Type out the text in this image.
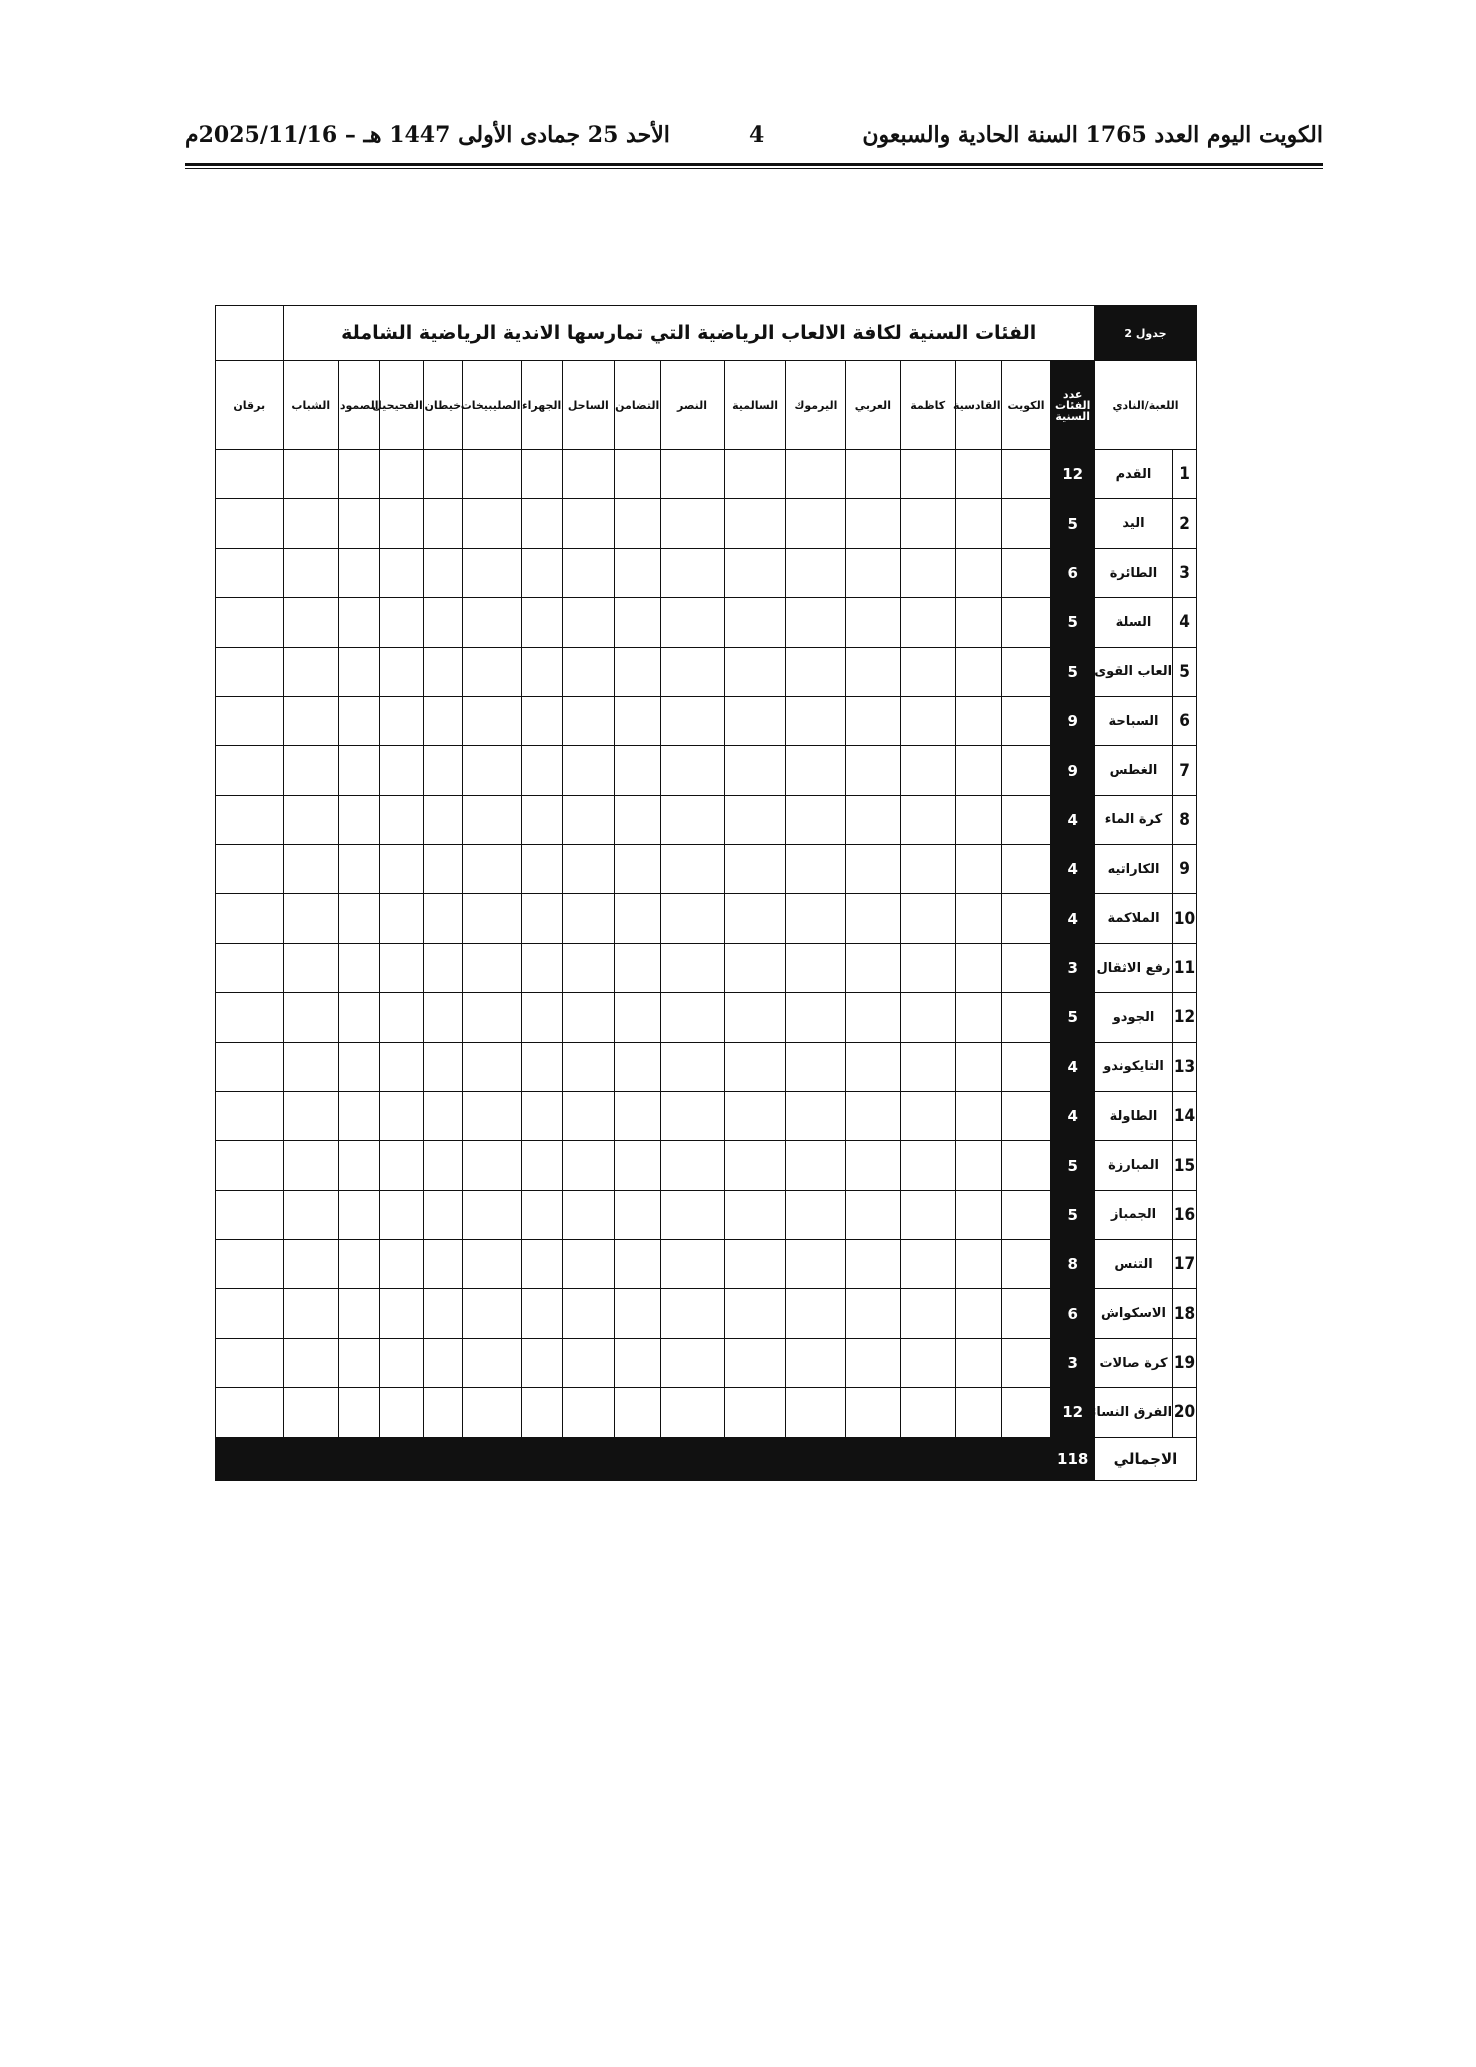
الكويت اليوم العدد 1765 السنة الحادية والسبعون
4
الأحد 25 جمادى الأولى 1447 هـ – 2025/11/16م
جدول 2		الفئات السنية لكافة الالعاب الرياضية التي تمارسها الاندية الرياضية الشاملة																
اللعبة/النادي		عدد الفئات السنية	الكويت	القادسية	كاظمة	العربي	اليرموك	السالمية	النصر	التضامن	الساحل	الجهراء	الصليبيخات	خيطان	الفحيحيل	الصمود	الشباب	برقان
1	القدم	12																
2	اليد	5																
3	الطائرة	6																
4	السلة	5																
5	العاب القوى	5																
6	السباحة	9																
7	الغطس	9																
8	كرة الماء	4																
9	الكاراتيه	4																
10	الملاكمة	4																
11	رفع الاثقال	3																
12	الجودو	5																
13	التايكوندو	4																
14	الطاولة	4																
15	المبارزة	5																
16	الجمباز	5																
17	التنس	8																
18	الاسكواش	6																
19	كرة صالات	3																
20	الفرق النسائية	12																
الاجمالي		118																
